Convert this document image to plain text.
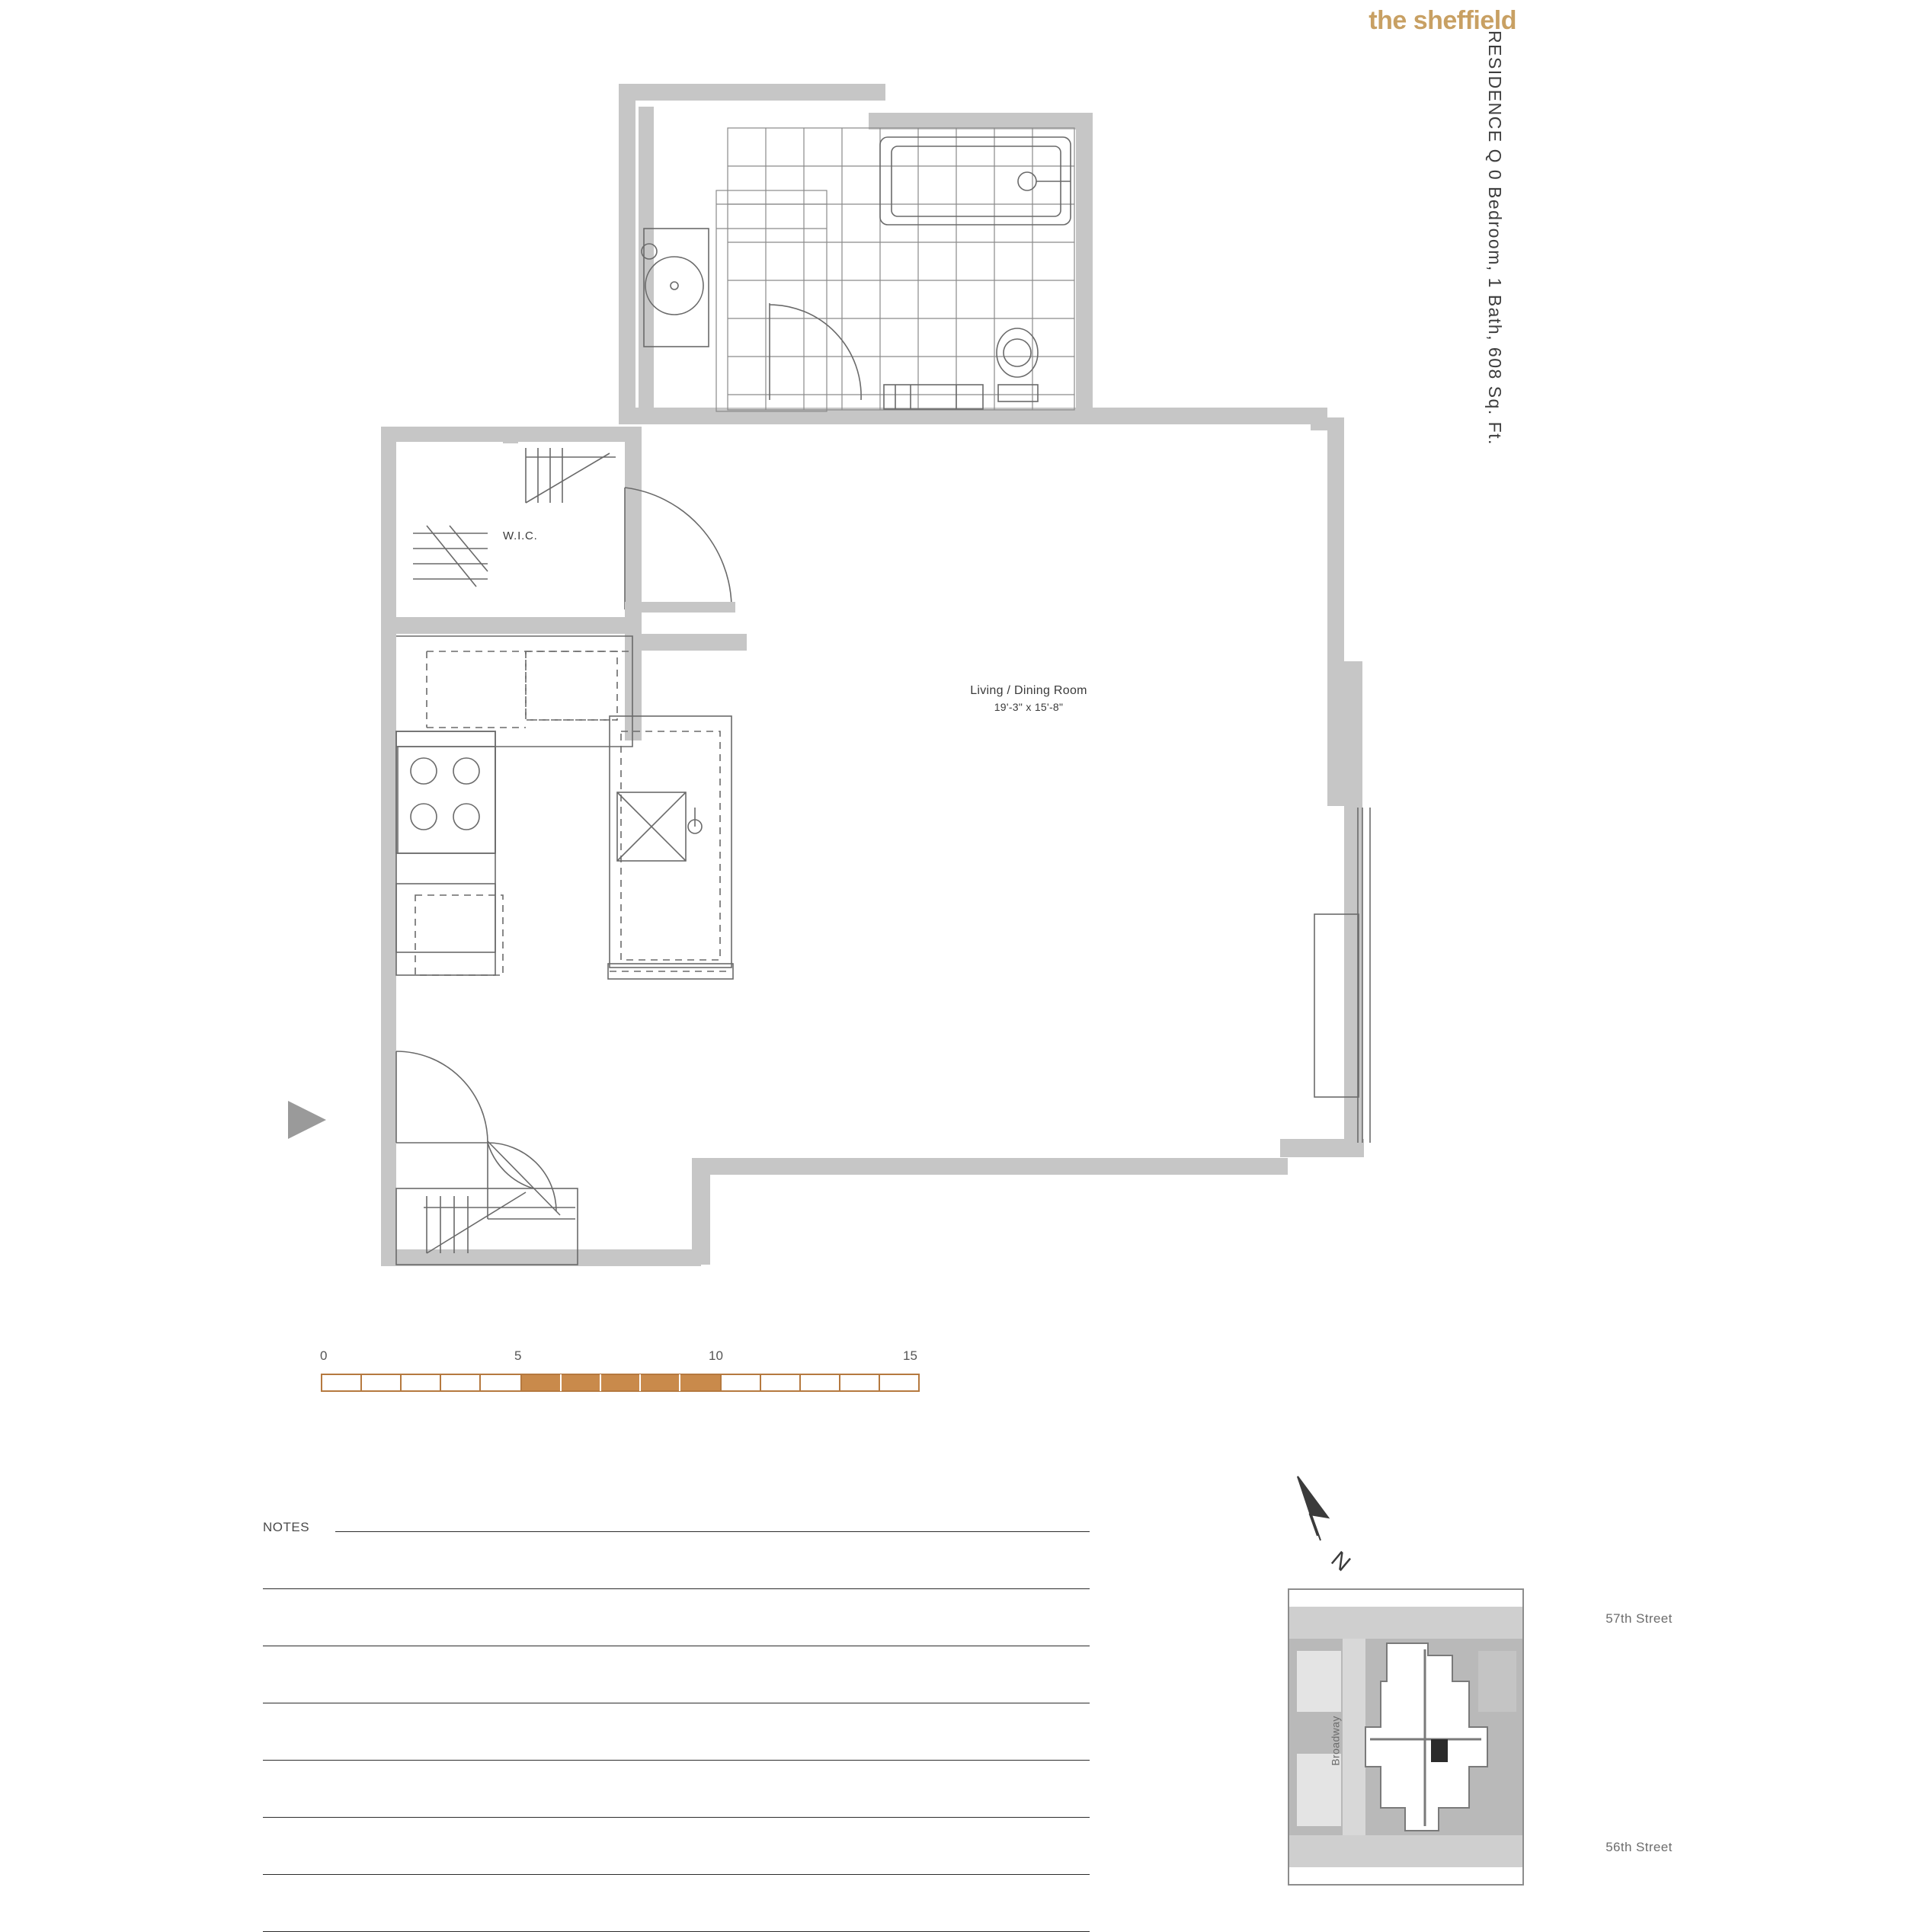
the sheffield
RESIDENCE Q 0 Bedroom, 1 Bath, 608 Sq. Ft.
Living / Dining Room
19'-3" x 15'-8"
W.I.C.
0	5	10	15
NOTES
N
57th Street
56th Street
Broadway
